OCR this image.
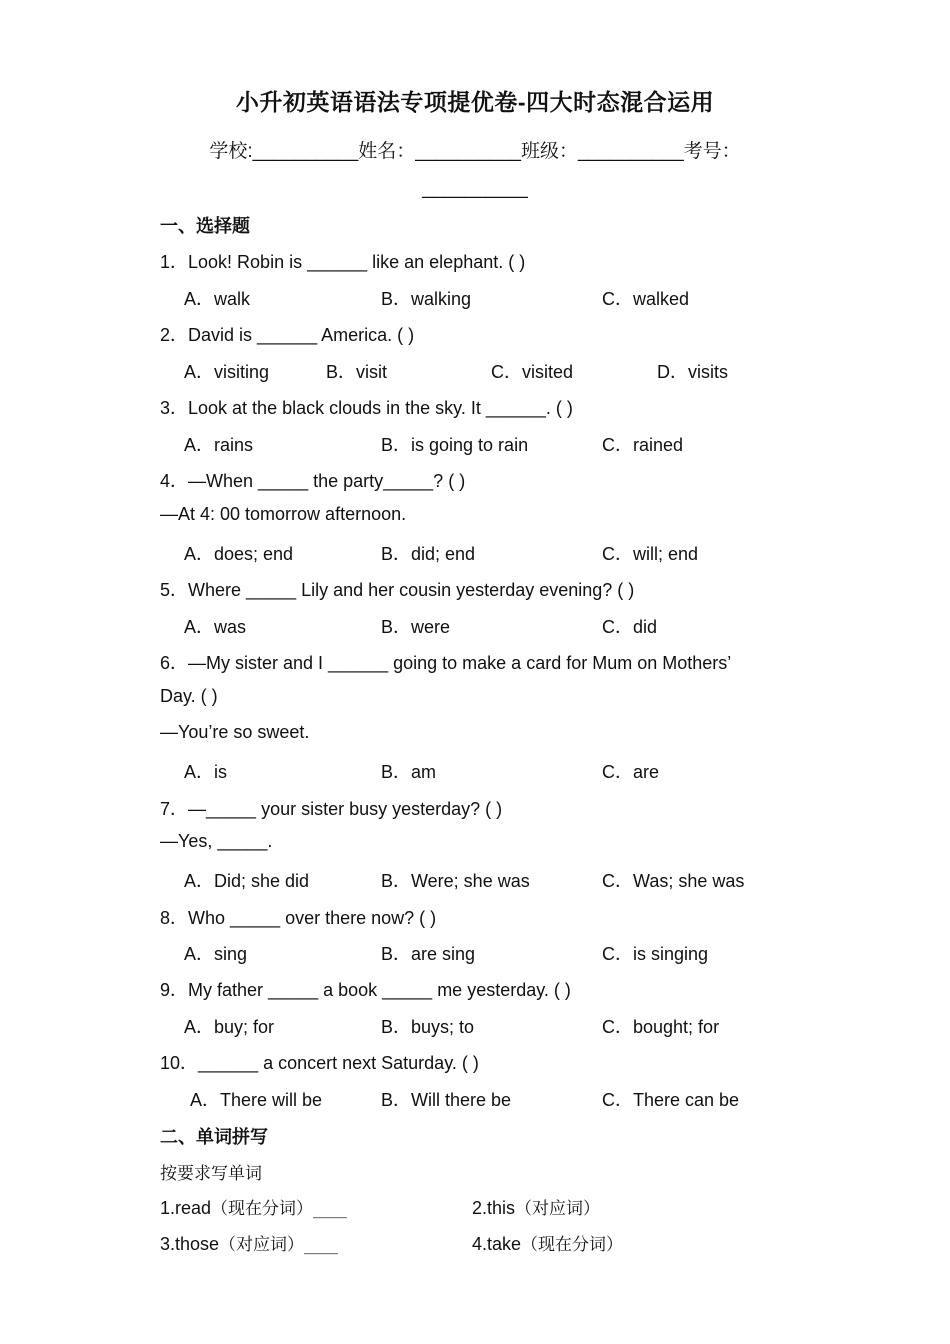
小升初英语语法专项提优卷-四大时态混合运用
学校:__________姓名：__________班级：__________考号：
__________
一、选择题
1．Look! Robin is ______ like an elephant. ( )
A．walk	B．walking	C．walked
2．David is ______ America. ( )
A．visiting	B．visit	C．visited	D．visits
3．Look at the black clouds in the sky. It ______. ( )
A．rains	B．is going to rain	C．rained
4．—When _____ the party_____? ( )
—At 4: 00 tomorrow afternoon.
A．does; end	B．did; end	C．will; end
5．Where _____ Lily and her cousin yesterday evening? ( )
A．was	B．were	C．did
6．—My sister and I ______ going to make a card for Mum on Mothers’
Day. ( )
—You’re so sweet.
A．is	B．am	C．are
7．—_____ your sister busy yesterday? ( )
—Yes, _____.
A．Did; she did	B．Were; she was	C．Was; she was
8．Who _____ over there now? ( )
A．sing	B．are sing	C．is singing
9．My father _____ a book _____ me yesterday. ( )
A．buy; for	B．buys; to	C．bought; for
10．______ a concert next Saturday. ( )
A．There will be	B．Will there be	C．There can be
二、单词拼写
按要求写单词
1.read（现在分词）____	2.this（对应词）
3.those（对应词）____	4.take（现在分词）
